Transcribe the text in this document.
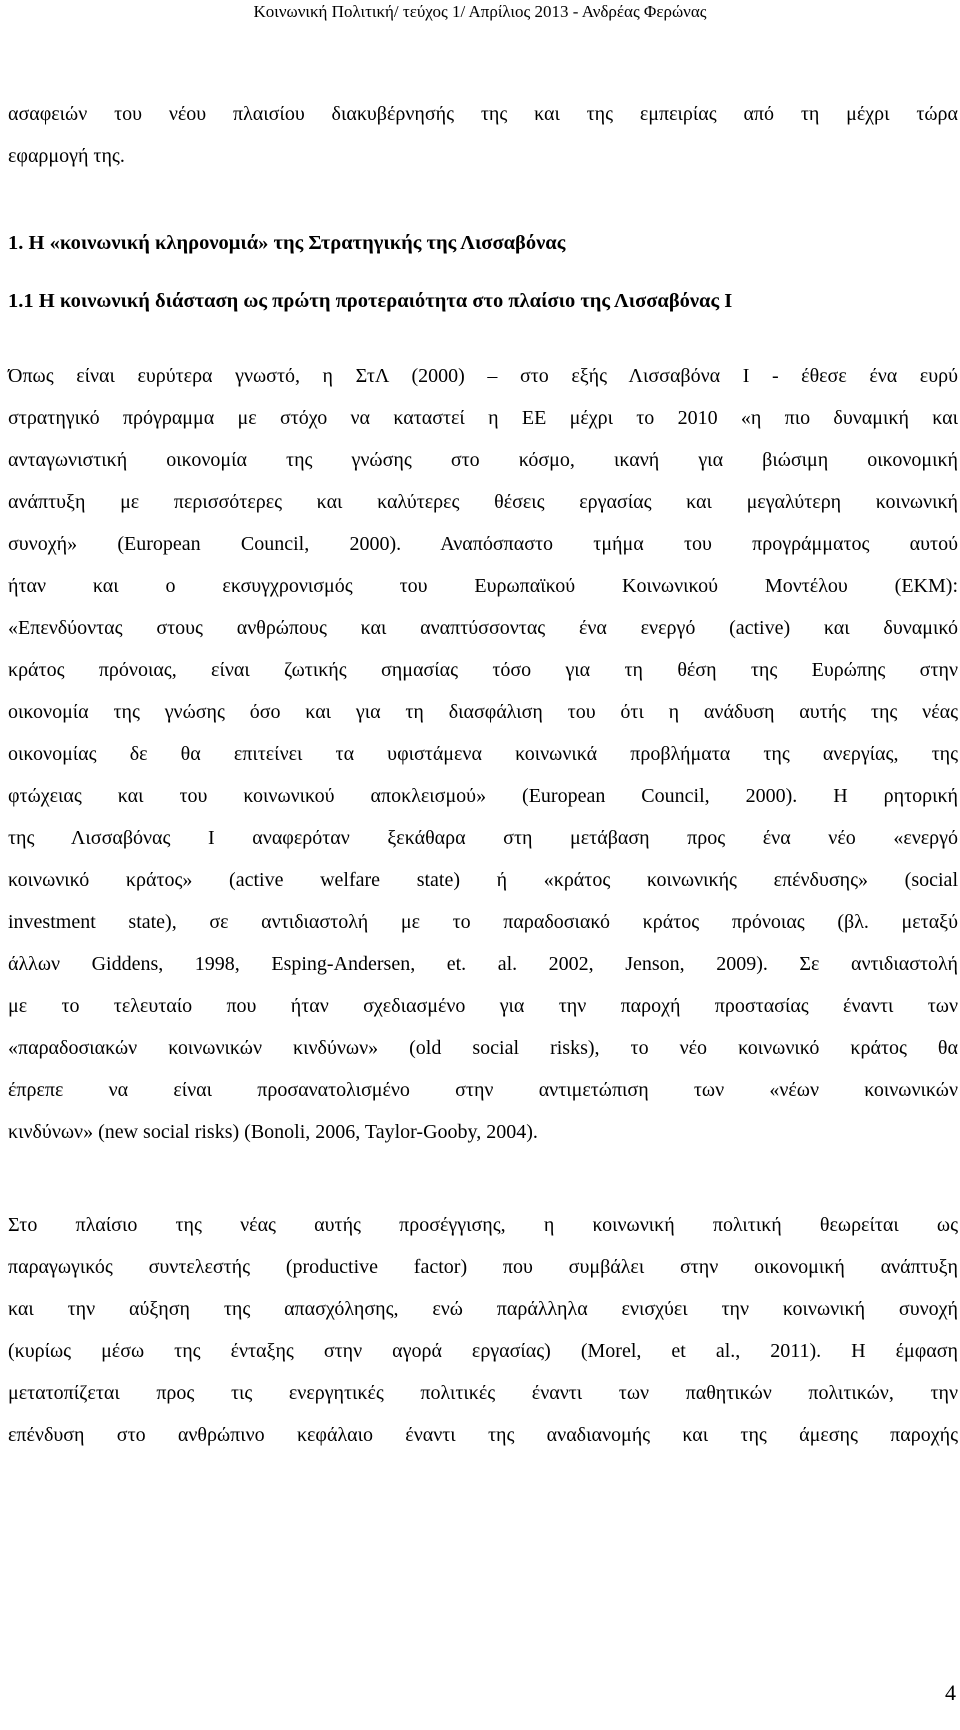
Κοινωνική Πολιτική/ τεύχος 1/ Απρίλιος 2013 - Ανδρέας Φερώνας
ασαφειών του νέου πλαισίου διακυβέρνησής της και της εμπειρίας από τη μέχρι τώρα
εφαρμογή της.
1. Η «κοινωνική κληρονομιά» της Στρατηγικής της Λισσαβόνας
1.1 Η κοινωνική διάσταση ως πρώτη προτεραιότητα στο πλαίσιο της Λισσαβόνας Ι
Όπως είναι ευρύτερα γνωστό, η ΣτΛ (2000) – στο εξής Λισσαβόνα Ι - έθεσε ένα ευρύ
στρατηγικό πρόγραμμα με στόχο να καταστεί η ΕΕ μέχρι το 2010 «η πιο δυναμική και
ανταγωνιστική οικονομία της γνώσης στο κόσμο, ικανή για βιώσιμη οικονομική
ανάπτυξη με περισσότερες και καλύτερες θέσεις εργασίας και μεγαλύτερη κοινωνική
συνοχή» (European Council, 2000). Αναπόσπαστο τμήμα του προγράμματος αυτού
ήταν και ο εκσυγχρονισμός του Ευρωπαϊκού Κοινωνικού Μοντέλου (ΕΚΜ):
«Επενδύοντας στους ανθρώπους και αναπτύσσοντας ένα ενεργό (active) και δυναμικό
κράτος πρόνοιας, είναι ζωτικής σημασίας τόσο για τη θέση της Ευρώπης στην
οικονομία της γνώσης όσο και για τη διασφάλιση του ότι η ανάδυση αυτής της νέας
οικονομίας δε θα επιτείνει τα υφιστάμενα κοινωνικά προβλήματα της ανεργίας, της
φτώχειας και του κοινωνικού αποκλεισμού» (European Council, 2000). Η ρητορική
της Λισσαβόνας Ι αναφερόταν ξεκάθαρα στη μετάβαση προς ένα νέο «ενεργό
κοινωνικό κράτος» (active welfare state) ή «κράτος κοινωνικής επένδυσης» (social
investment state), σε αντιδιαστολή με το παραδοσιακό κράτος πρόνοιας (βλ. μεταξύ
άλλων Giddens, 1998, Esping-Andersen, et. al. 2002, Jenson, 2009). Σε αντιδιαστολή
με το τελευταίο που ήταν σχεδιασμένο για την παροχή προστασίας έναντι των
«παραδοσιακών κοινωνικών κινδύνων» (old social risks), το νέο κοινωνικό κράτος θα
έπρεπε να είναι προσανατολισμένο στην αντιμετώπιση των «νέων κοινωνικών
κινδύνων» (new social risks) (Bonoli, 2006, Taylor-Gooby, 2004).
Στο πλαίσιο της νέας αυτής προσέγγισης, η κοινωνική πολιτική θεωρείται ως
παραγωγικός συντελεστής (productive factor) που συμβάλει στην οικονομική ανάπτυξη
και την αύξηση της απασχόλησης, ενώ παράλληλα ενισχύει την κοινωνική συνοχή
(κυρίως μέσω της ένταξης στην αγορά εργασίας) (Morel, et al., 2011). Η έμφαση
μετατοπίζεται προς τις ενεργητικές πολιτικές έναντι των παθητικών πολιτικών, την
επένδυση στο ανθρώπινο κεφάλαιο έναντι της αναδιανομής και της άμεσης παροχής
4
